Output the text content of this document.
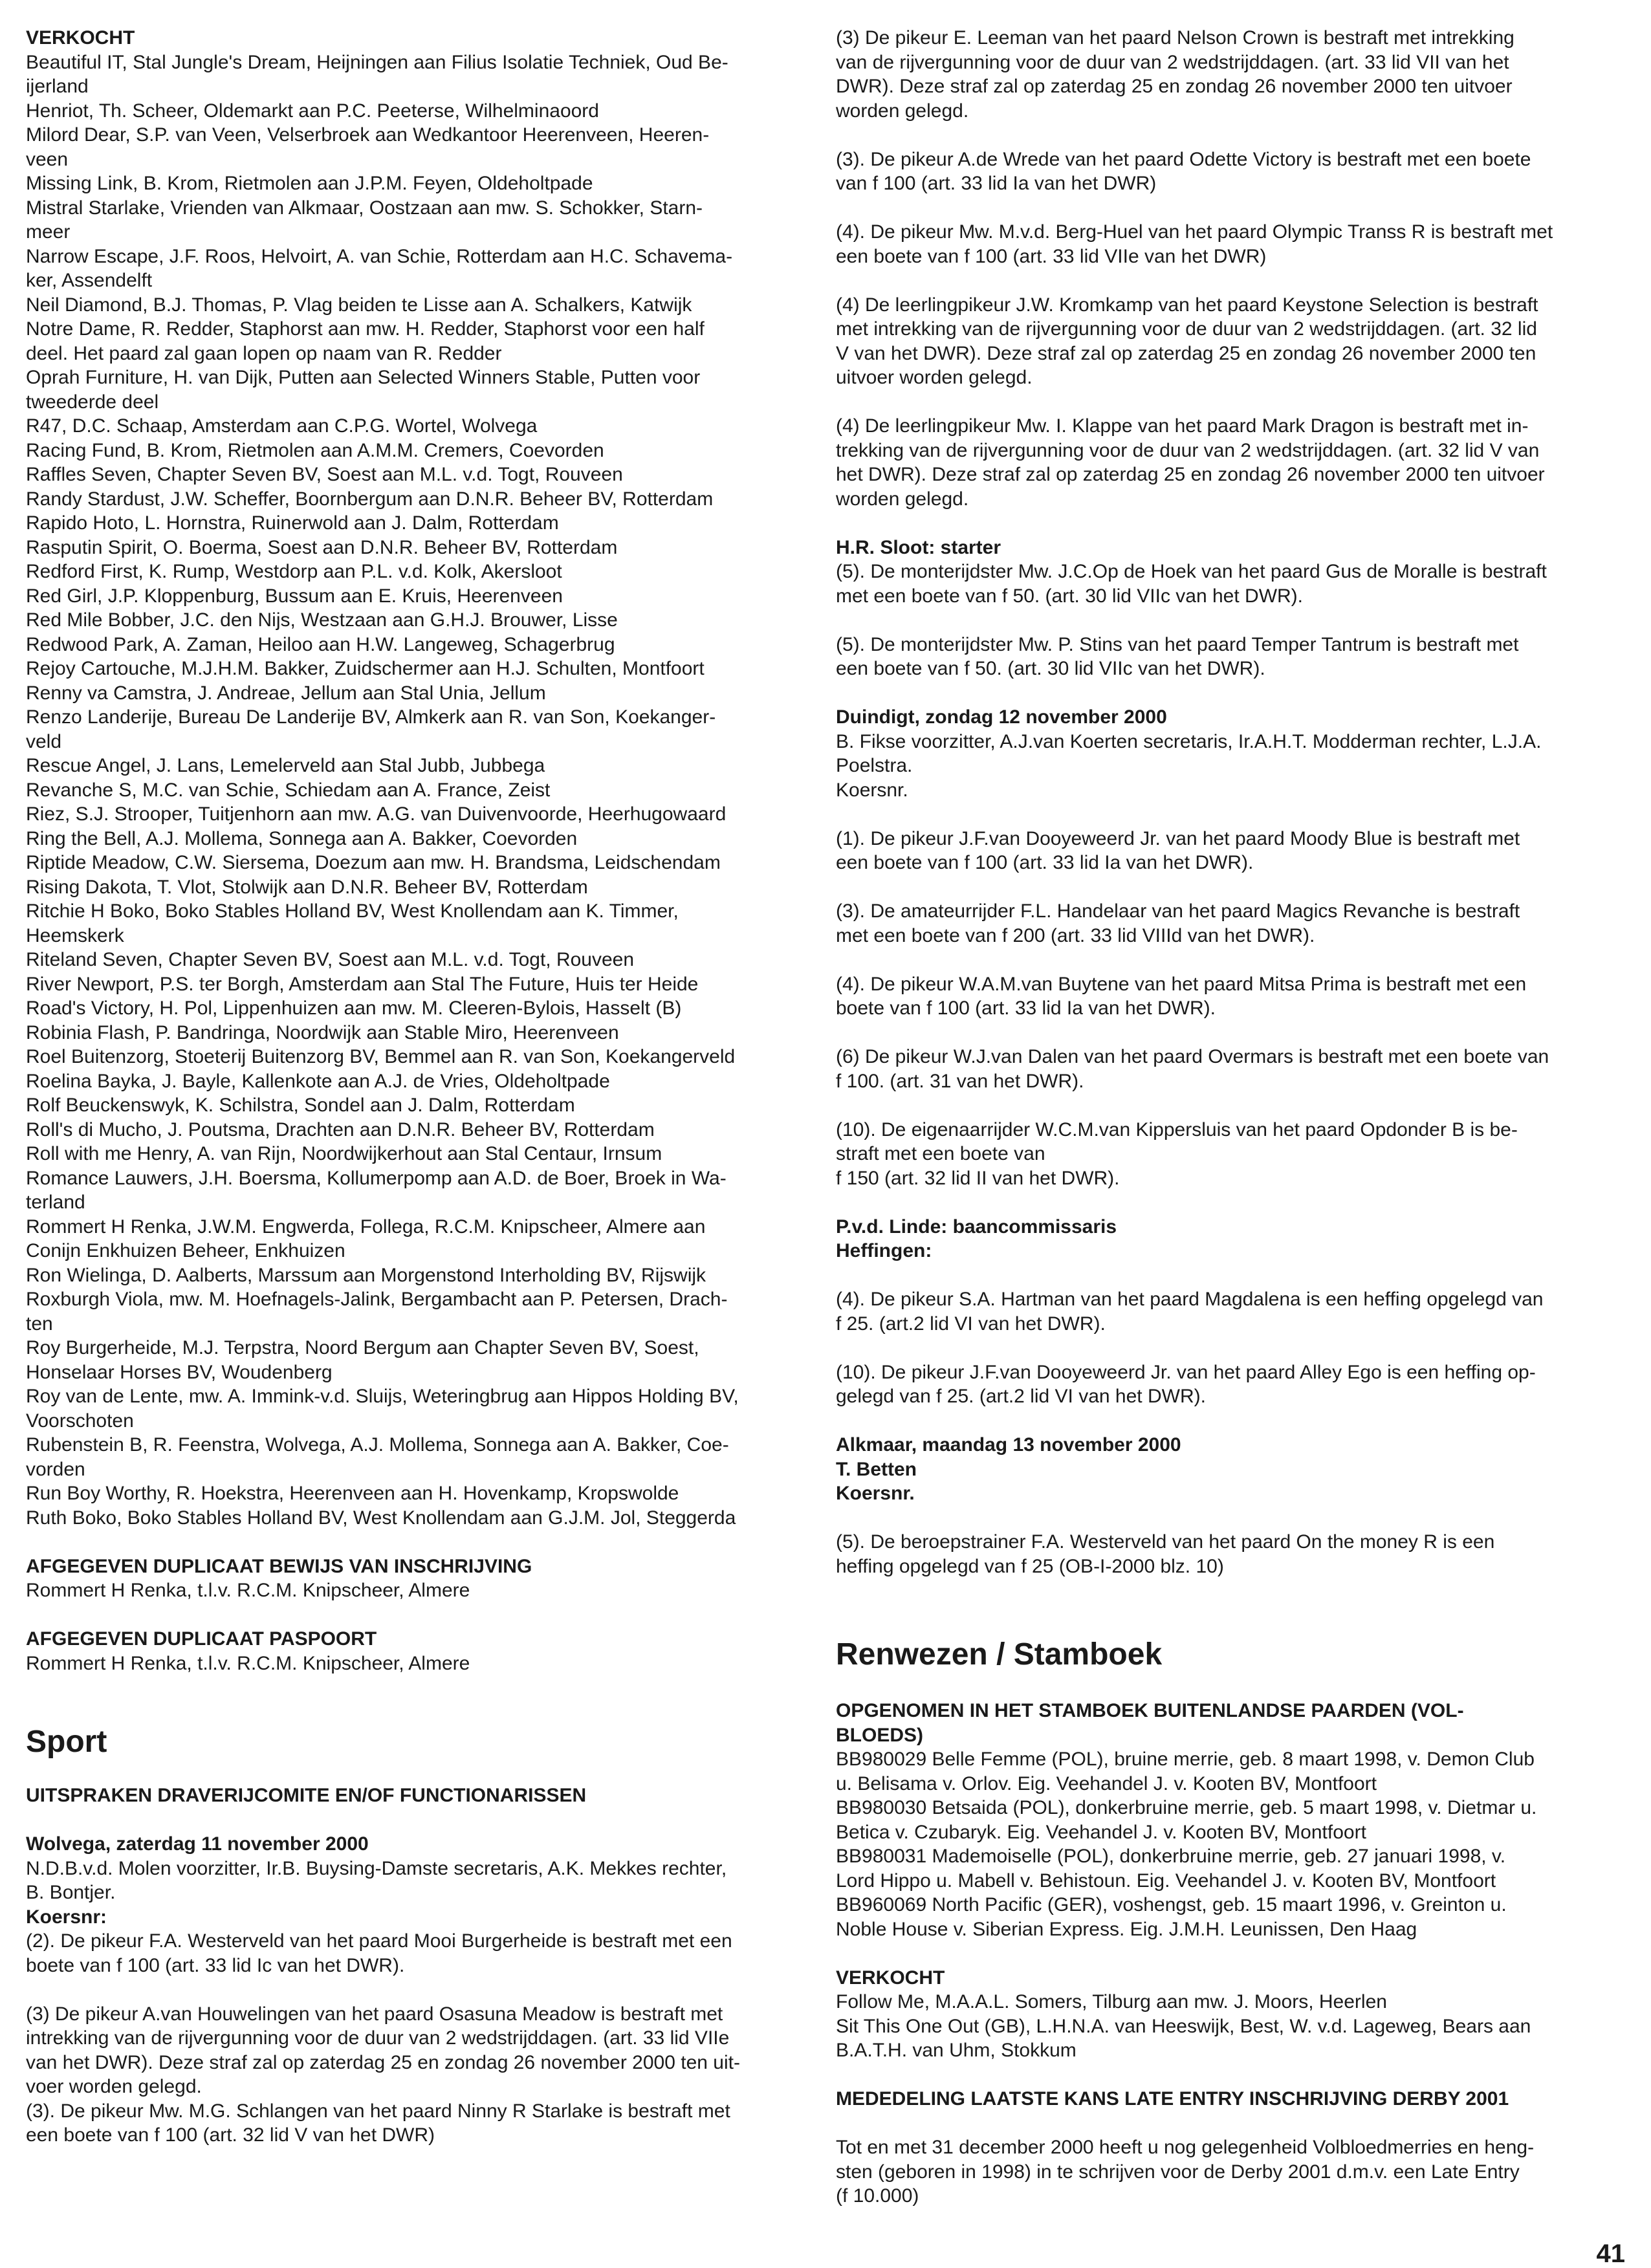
VERKOCHT
Beautiful IT, Stal Jungle's Dream, Heijningen aan Filius Isolatie Techniek, Oud Be-
ijerland
Henriot, Th. Scheer, Oldemarkt aan P.C. Peeterse, Wilhelminaoord
Milord Dear, S.P. van Veen, Velserbroek aan Wedkantoor Heerenveen, Heeren-
veen
Missing Link, B. Krom, Rietmolen aan J.P.M. Feyen, Oldeholtpade
Mistral Starlake, Vrienden van Alkmaar, Oostzaan aan mw. S. Schokker, Starn-
meer
Narrow Escape, J.F. Roos, Helvoirt, A. van Schie, Rotterdam aan H.C. Schavema-
ker, Assendelft
Neil Diamond, B.J. Thomas, P. Vlag beiden te Lisse aan A. Schalkers, Katwijk
Notre Dame, R. Redder, Staphorst aan mw. H. Redder, Staphorst voor een half
deel. Het paard zal gaan lopen op naam van R. Redder
Oprah Furniture, H. van Dijk, Putten aan Selected Winners Stable, Putten voor
tweederde deel
R47, D.C. Schaap, Amsterdam aan C.P.G. Wortel, Wolvega
Racing Fund, B. Krom, Rietmolen aan A.M.M. Cremers, Coevorden
Raffles Seven, Chapter Seven BV, Soest aan M.L. v.d. Togt, Rouveen
Randy Stardust, J.W. Scheffer, Boornbergum aan D.N.R. Beheer BV, Rotterdam
Rapido Hoto, L. Hornstra, Ruinerwold aan J. Dalm, Rotterdam
Rasputin Spirit, O. Boerma, Soest aan D.N.R. Beheer BV, Rotterdam
Redford First, K. Rump, Westdorp aan P.L. v.d. Kolk, Akersloot
Red Girl, J.P. Kloppenburg, Bussum aan E. Kruis, Heerenveen
Red Mile Bobber, J.C. den Nijs, Westzaan aan G.H.J. Brouwer, Lisse
Redwood Park, A. Zaman, Heiloo aan H.W. Langeweg, Schagerbrug
Rejoy Cartouche, M.J.H.M. Bakker, Zuidschermer aan H.J. Schulten, Montfoort
Renny va Camstra, J. Andreae, Jellum aan Stal Unia, Jellum
Renzo Landerije, Bureau De Landerije BV, Almkerk aan R. van Son, Koekanger-
veld
Rescue Angel, J. Lans, Lemelerveld aan Stal Jubb, Jubbega
Revanche S, M.C. van Schie, Schiedam aan A. France, Zeist
Riez, S.J. Strooper, Tuitjenhorn aan mw. A.G. van Duivenvoorde, Heerhugowaard
Ring the Bell, A.J. Mollema, Sonnega aan A. Bakker, Coevorden
Riptide Meadow, C.W. Siersema, Doezum aan mw. H. Brandsma, Leidschendam
Rising Dakota, T. Vlot, Stolwijk aan D.N.R. Beheer BV, Rotterdam
Ritchie H Boko, Boko Stables Holland BV, West Knollendam aan K. Timmer,
Heemskerk
Riteland Seven, Chapter Seven BV, Soest aan M.L. v.d. Togt, Rouveen
River Newport, P.S. ter Borgh, Amsterdam aan Stal The Future, Huis ter Heide
Road's Victory, H. Pol, Lippenhuizen aan mw. M. Cleeren-Bylois, Hasselt (B)
Robinia Flash, P. Bandringa, Noordwijk aan Stable Miro, Heerenveen
Roel Buitenzorg, Stoeterij Buitenzorg BV, Bemmel aan R. van Son, Koekangerveld
Roelina Bayka, J. Bayle, Kallenkote aan A.J. de Vries, Oldeholtpade
Rolf Beuckenswyk, K. Schilstra, Sondel aan J. Dalm, Rotterdam
Roll's di Mucho, J. Poutsma, Drachten aan D.N.R. Beheer BV, Rotterdam
Roll with me Henry, A. van Rijn, Noordwijkerhout aan Stal Centaur, Irnsum
Romance Lauwers, J.H. Boersma, Kollumerpomp aan A.D. de Boer, Broek in Wa-
terland
Rommert H Renka, J.W.M. Engwerda, Follega, R.C.M. Knipscheer, Almere aan
Conijn Enkhuizen Beheer, Enkhuizen
Ron Wielinga, D. Aalberts, Marssum aan Morgenstond Interholding BV, Rijswijk
Roxburgh Viola, mw. M. Hoefnagels-Jalink, Bergambacht aan P. Petersen, Drach-
ten
Roy Burgerheide, M.J. Terpstra, Noord Bergum aan Chapter Seven BV, Soest,
Honselaar Horses BV, Woudenberg
Roy van de Lente, mw. A. Immink-v.d. Sluijs, Weteringbrug aan Hippos Holding BV,
Voorschoten
Rubenstein B, R. Feenstra, Wolvega, A.J. Mollema, Sonnega aan A. Bakker, Coe-
vorden
Run Boy Worthy, R. Hoekstra, Heerenveen aan H. Hovenkamp, Kropswolde
Ruth Boko, Boko Stables Holland BV, West Knollendam aan G.J.M. Jol, Steggerda
AFGEGEVEN DUPLICAAT BEWIJS VAN INSCHRIJVING
Rommert H Renka, t.l.v. R.C.M. Knipscheer, Almere
AFGEGEVEN DUPLICAAT PASPOORT
Rommert H Renka, t.l.v. R.C.M. Knipscheer, Almere
Sport
UITSPRAKEN DRAVERIJCOMITE EN/OF FUNCTIONARISSEN
Wolvega, zaterdag 11 november 2000
N.D.B.v.d. Molen voorzitter, Ir.B. Buysing-Damste secretaris, A.K. Mekkes rechter,
B. Bontjer.
Koersnr:
(2). De pikeur F.A. Westerveld van het paard Mooi Burgerheide is bestraft met een
boete van f 100 (art. 33 lid Ic van het DWR).
(3) De pikeur A.van Houwelingen van het paard Osasuna Meadow is bestraft met
intrekking van de rijvergunning voor de duur van 2 wedstrijddagen. (art. 33 lid VIIe
van het DWR). Deze straf zal op zaterdag 25 en zondag 26 november 2000 ten uit-
voer worden gelegd.
(3). De pikeur Mw. M.G. Schlangen van het paard Ninny R Starlake is bestraft met
een boete van f 100 (art. 32 lid V van het DWR)
(3) De pikeur E. Leeman van het paard Nelson Crown is bestraft met intrekking
van de rijvergunning voor de duur van 2 wedstrijddagen. (art. 33 lid VII van het
DWR). Deze straf zal op zaterdag 25 en zondag 26 november 2000 ten uitvoer
worden gelegd.
(3). De pikeur A.de Wrede van het paard Odette Victory is bestraft met een boete
van f 100 (art. 33 lid Ia van het DWR)
(4). De pikeur Mw. M.v.d. Berg-Huel van het paard Olympic Transs R is bestraft met
een boete van f 100 (art. 33 lid VIIe van het DWR)
(4) De leerlingpikeur J.W. Kromkamp van het paard Keystone Selection is bestraft
met intrekking van de rijvergunning voor de duur van 2 wedstrijddagen. (art. 32 lid
V van het DWR). Deze straf zal op zaterdag 25 en zondag 26 november 2000 ten
uitvoer worden gelegd.
(4) De leerlingpikeur Mw. I. Klappe van het paard Mark Dragon is bestraft met in-
trekking van de rijvergunning voor de duur van 2 wedstrijddagen. (art. 32 lid V van
het DWR). Deze straf zal op zaterdag 25 en zondag 26 november 2000 ten uitvoer
worden gelegd.
H.R. Sloot: starter
(5). De monterijdster Mw. J.C.Op de Hoek van het paard Gus de Moralle is bestraft
met een boete van f 50. (art. 30 lid VIIc van het DWR).
(5). De monterijdster Mw. P. Stins van het paard Temper Tantrum is bestraft met
een boete van f 50. (art. 30 lid VIIc van het DWR).
Duindigt, zondag 12 november 2000
B. Fikse voorzitter, A.J.van Koerten secretaris, Ir.A.H.T. Modderman rechter, L.J.A.
Poelstra.
Koersnr.
(1). De pikeur J.F.van Dooyeweerd Jr. van het paard Moody Blue is bestraft met
een boete van f 100 (art. 33 lid Ia van het DWR).
(3). De amateurrijder F.L. Handelaar van het paard Magics Revanche is bestraft
met een boete van f 200 (art. 33 lid VIIId van het DWR).
(4). De pikeur W.A.M.van Buytene van het paard Mitsa Prima is bestraft met een
boete van f 100 (art. 33 lid Ia van het DWR).
(6) De pikeur W.J.van Dalen van het paard Overmars is bestraft met een boete van
f 100. (art. 31 van het DWR).
(10). De eigenaarrijder W.C.M.van Kippersluis van het paard Opdonder B is be-
straft met een boete van
f 150 (art. 32 lid II van het DWR).
P.v.d. Linde: baancommissaris
Heffingen:
(4). De pikeur S.A. Hartman van het paard Magdalena is een heffing opgelegd van
f 25. (art.2 lid VI van het DWR).
(10). De pikeur J.F.van Dooyeweerd Jr. van het paard Alley Ego is een heffing op-
gelegd van f 25. (art.2 lid VI van het DWR).
Alkmaar, maandag 13 november 2000
T. Betten
Koersnr.
(5). De beroepstrainer F.A. Westerveld van het paard On the money R is een
heffing opgelegd van f 25 (OB-I-2000 blz. 10)
Renwezen / Stamboek
OPGENOMEN IN HET STAMBOEK BUITENLANDSE PAARDEN (VOL-
BLOEDS)
BB980029 Belle Femme (POL), bruine merrie, geb. 8 maart 1998, v. Demon Club
u. Belisama v. Orlov. Eig. Veehandel J. v. Kooten BV, Montfoort
BB980030 Betsaida (POL), donkerbruine merrie, geb. 5 maart 1998, v. Dietmar u.
Betica v. Czubaryk. Eig. Veehandel J. v. Kooten BV, Montfoort
BB980031 Mademoiselle (POL), donkerbruine merrie, geb. 27 januari 1998, v.
Lord Hippo u. Mabell v. Behistoun. Eig. Veehandel J. v. Kooten BV, Montfoort
BB960069 North Pacific (GER), voshengst, geb. 15 maart 1996, v. Greinton u.
Noble House v. Siberian Express. Eig. J.M.H. Leunissen, Den Haag
VERKOCHT
Follow Me, M.A.A.L. Somers, Tilburg aan mw. J. Moors, Heerlen
Sit This One Out (GB), L.H.N.A. van Heeswijk, Best, W. v.d. Lageweg, Bears aan
B.A.T.H. van Uhm, Stokkum
MEDEDELING LAATSTE KANS LATE ENTRY INSCHRIJVING DERBY 2001
Tot en met 31 december 2000 heeft u nog gelegenheid Volbloedmerries en heng-
sten (geboren in 1998) in te schrijven voor de Derby 2001 d.m.v. een Late Entry
(f 10.000)
41
